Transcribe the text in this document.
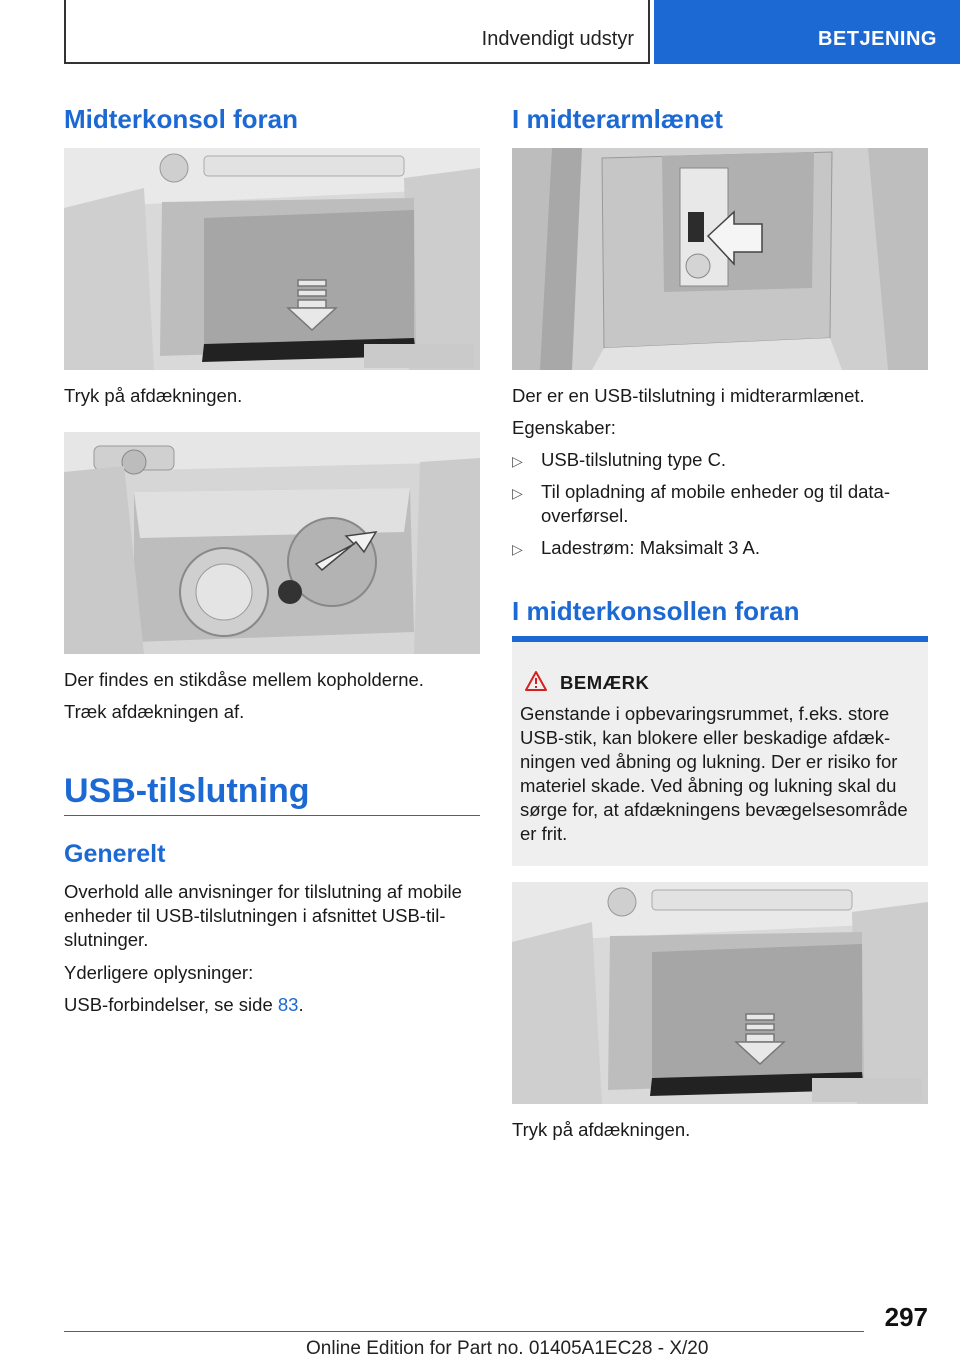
Indvendigt udstyr	BETJENING
Midterkonsol foran

Tryk på afdækningen.

Der findes en stikdåse mellem kopholderne.

Træk afdækningen af.

USB-tilslutning
Generelt

Overhold alle anvisninger for tilslutning af mobile enheder til USB-tilslutningen i afsnittet USB-tilslutninger.

Yderligere oplysninger:

USB-forbindelser, se side 83.

I midterarmlænet

Der er en USB-tilslutning i midterarmlænet.

Egenskaber:

▷ USB-tilslutning type C.
▷ Til opladning af mobile enheder og til dataoverførsel.
▷ Ladestrøm: Maksimalt 3 A.
I midterkonsollen foran
BEMÆRK
Genstande i opbevaringsrummet, f.eks. store USB-stik, kan blokere eller beskadige afdækningen ved åbning og lukning. Der er risiko for materiel skade. Ved åbning og lukning skal du sørge for, at afdækningens bevægelsesområde er frit.

Tryk på afdækningen.

297
Online Edition for Part no. 01405A1EC28 - X/20
